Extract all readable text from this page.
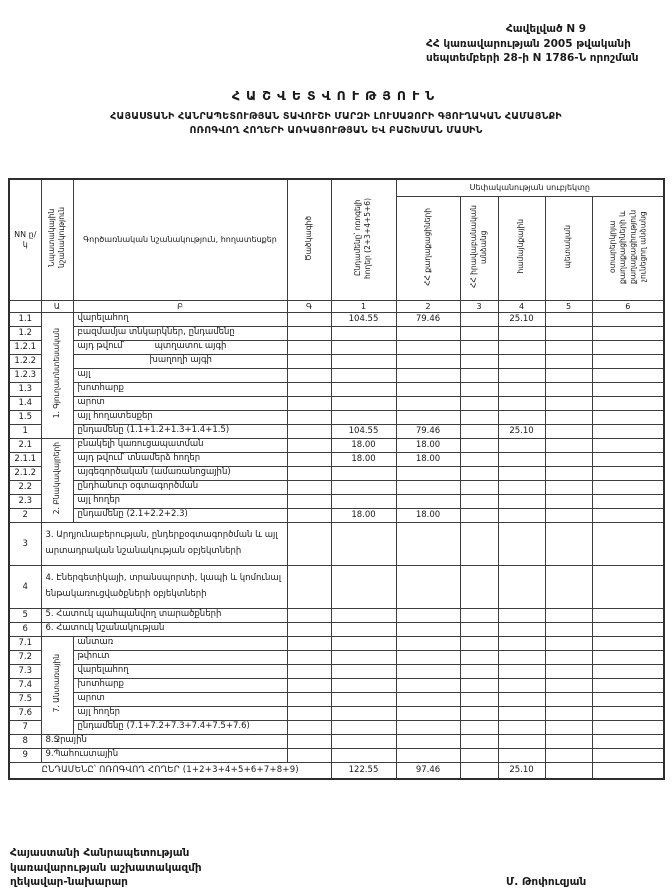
Հավելված N 9
ՀՀ կառավարության 2005 թվականի
սեպտեմբերի 28-ի N 1786-Ն որոշման
ՀԱՇՎԵՏՎՈՒԹՅՈՒՆ
ՀԱՅԱՍՏԱՆԻ ՀԱՆՐԱՊԵՏՈՒԹՅԱՆ ՏԱՎՈՒՇԻ ՄԱՐԶԻ ԼՈՒՍԱՁՈՐԻ ԳՅՈՒՂԱԿԱՆ ՀԱՄԱՅՆՔԻ
ՈՌՈԳՎՈՂ ՀՈՂԵՐԻ ԱՌԿԱՅՈՒԹՅԱՆ ԵՎ ԲԱՇԽՄԱՆ ՄԱՍԻՆ
NN ը/կ	Նպատակային նշանակություն	Գործառնական նշանակություն, հողատեսքեր	Ծածկագիծ	Ընդամենը՝ ոռոգելի հողեր (2+3+4+5+6)	Սեփականության սուբյեկտը				
					ՀՀ քաղաքացիների	ՀՀ իրավաբանական անձանց	համայնքային	պետական	օտարերկրյա քաղաքացիների և քաղաքացիություն չունեցող անձանց
	Ա	Բ	Գ	1	2	3	4	5	6
1.1	1. Գյուղատնտեսական	վարելահող		104.55	79.46		25.10		
1.2		բազմամյա տնկարկներ, ընդամենը							
1.2.1		այդ թվում՝ պտղատու այգի							
1.2.2		խաղողի այգի							
1.2.3		այլ							
1.3		խոտհարք							
1.4		արոտ							
1.5		այլ հողատեսքեր							
1		ընդամենը (1.1+1.2+1.3+1.4+1.5)		104.55	79.46		25.10		
2.1	2. Բնակավայրերի	բնակելի կառուցապատման		18.00	18.00				
2.1.1		այդ թվում՝ տնամերձ հողեր		18.00	18.00				
2.1.2		այգեգործական (ամառանոցային)							
2.2		ընդհանուր օգտագործման							
2.3		այլ հողեր							
2		ընդամենը (2.1+2.2+2.3)		18.00	18.00				
3	3. Արդյունաբերության, ընդերքօգտագործման և այլ արտադրական նշանակության օբյեկտների								
4	4. Էներգետիկայի, տրանսպորտի, կապի և կոմունալ ենթակառուցվածքների օբյեկտների								
5	5. Հատուկ պահպանվող տարածքների								
6	6. Հատուկ նշանակության								
7.1	7. Անտառային	անտառ							
7.2		թփուտ							
7.3		վարելահող							
7.4		խոտհարք							
7.5		արոտ							
7.6		այլ հողեր							
7		ընդամենը (7.1+7.2+7.3+7.4+7.5+7.6)							
8	8.Ջրային								
9	9.Պահուստային								
ԸՆԴԱՄԵՆԸ՝ ՈՌՈԳՎՈՂ ՀՈՂԵՐ (1+2+3+4+5+6+7+8+9)				122.55	97.46		25.10		
Հայաստանի Հանրապետության
կառավարության աշխատակազմի
ղեկավար-նախարար	Մ. Թոփուզյան
